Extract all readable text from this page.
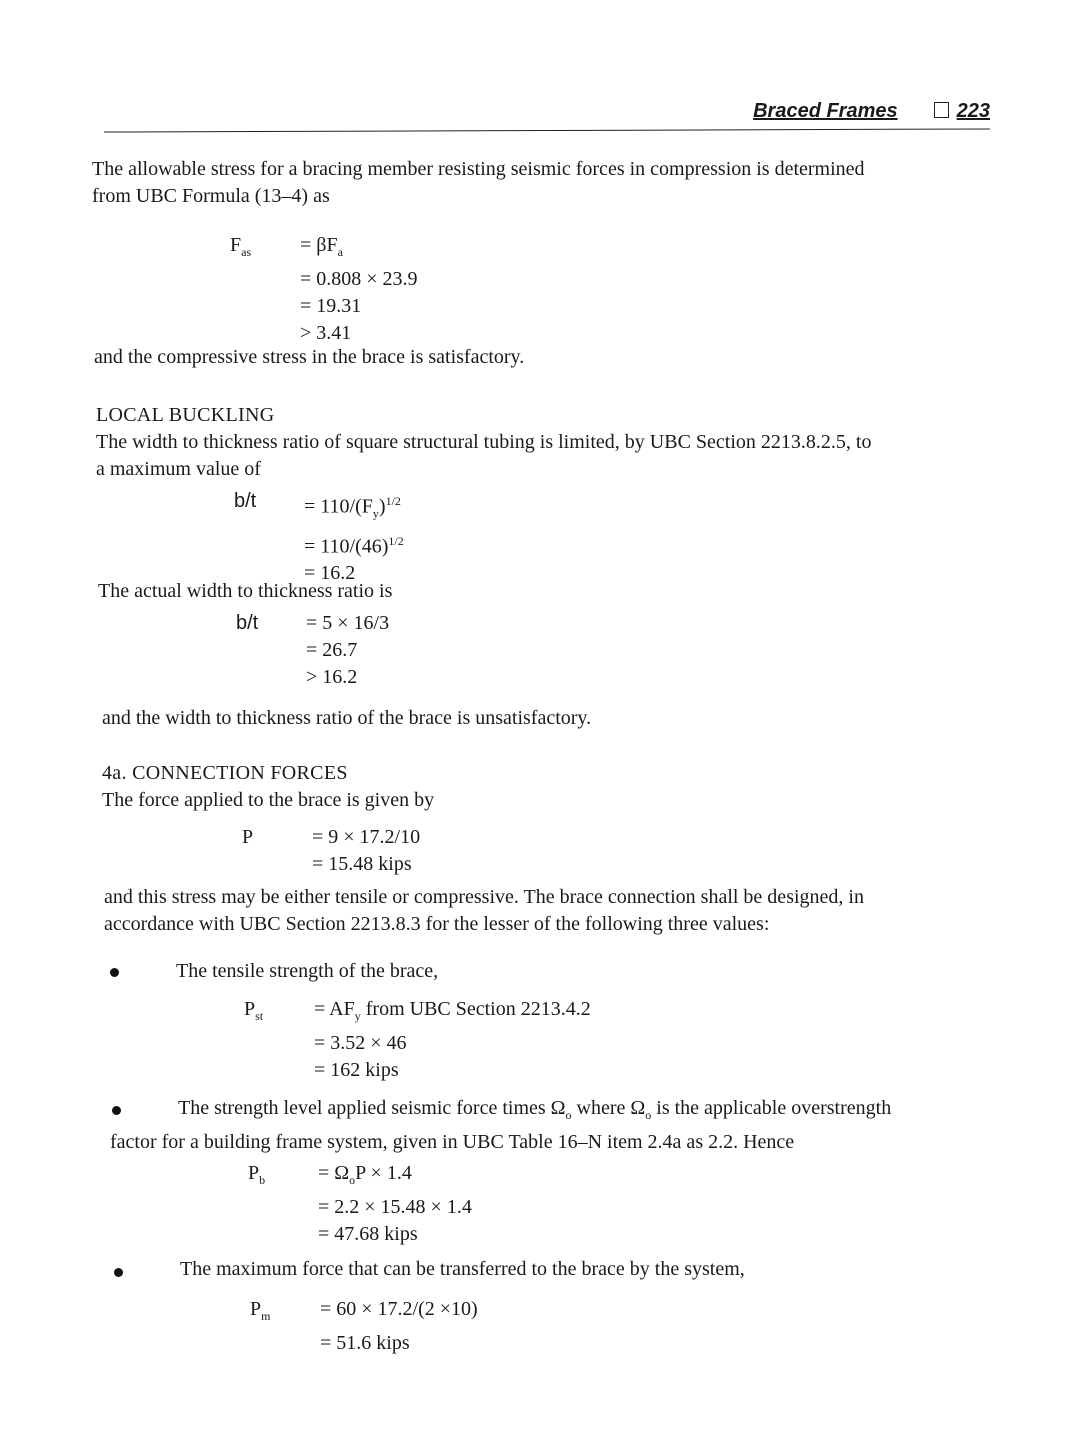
Braced Frames	223
The allowable stress for a bracing member resisting seismic forces in compression is determined
from UBC Formula (13–4) as
$F_{as}$	= $\beta F_a$
= 0.808 × 23.9
= 19.31
> 3.41
and the compressive stress in the brace is satisfactory.
LOCAL BUCKLING
The width to thickness ratio of square structural tubing is limited, by UBC Section 2213.8.2.5, to
a maximum value of
b/t	= $110/(F_y)^{1/2}$
= $110/(46)^{1/2}$
= 16.2
The actual width to thickness ratio is
b/t	= 5 × 16/3
= 26.7
> 16.2
and the width to thickness ratio of the brace is unsatisfactory.
4a. CONNECTION FORCES
The force applied to the brace is given by
P	= 9 × 17.2/10
= 15.48 kips
and this stress may be either tensile or compressive. The brace connection shall be designed, in
accordance with UBC Section 2213.8.3 for the lesser of the following three values:
The tensile strength of the brace,
$P_{st}$	= $AF_y$ from UBC Section 2213.4.2
= 3.52 × 46
= 162 kips
The strength level applied seismic force times $\Omega_o$ where $\Omega_o$ is the applicable overstrength
factor for a building frame system, given in UBC Table 16–N item 2.4a as 2.2. Hence
$P_b$	= $\Omega_oP \times 1.4$
= 2.2 × 15.48 × 1.4
= 47.68 kips
The maximum force that can be transferred to the brace by the system,
$P_m$	= 60 × 17.2/(2 ×10)
= 51.6 kips
